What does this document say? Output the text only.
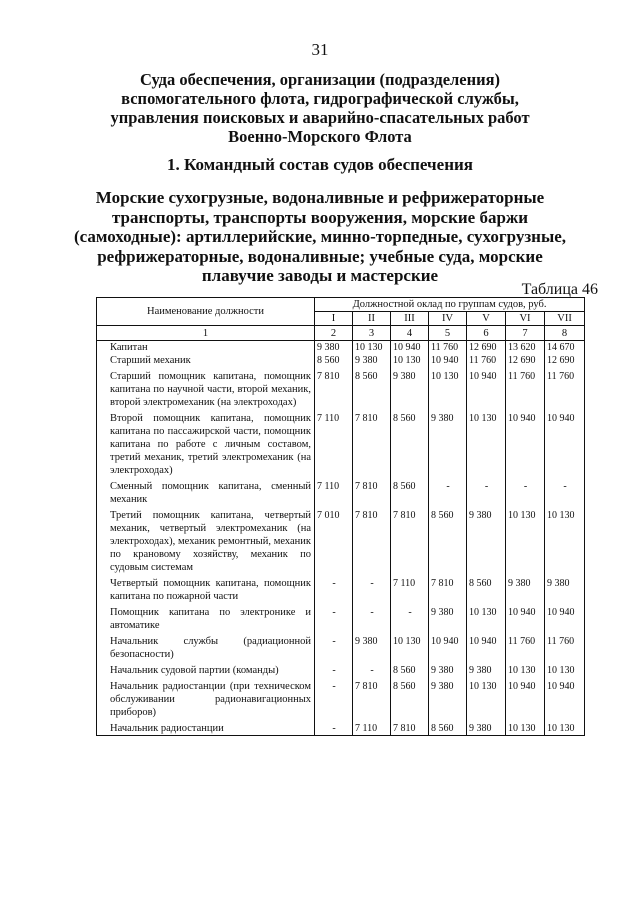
31
Суда обеспечения, организации (подразделения)
вспомогательного флота, гидрографической службы,
управления поисковых и аварийно-спасательных работ
Военно-Морского Флота
1. Командный состав судов обеспечения
Морские сухогрузные, водоналивные и рефрижераторные
транспорты, транспорты вооружения, морские баржи
(самоходные): артиллерийские, минно-торпедные, сухогрузные,
рефрижераторные, водоналивные; учебные суда, морские
плавучие заводы и мастерские
Таблица 46
Наименование должности	Должностной оклад по группам судов, руб.						
	I	II	III	IV	V	VI	VII
1	2	3	4	5	6	7	8

Капитан	9 380	10 130	10 940	11 760	12 690	13 620	14 670

Старший механик	8 560	9 380	10 130	10 940	11 760	12 690	12 690

Старший помощник капитана, помощник капитана по научной части, второй механик, второй электромеханик (на электроходах)	7 810	8 560	9 380	10 130	10 940	11 760	11 760

Второй помощник капитана, помощник капитана по пассажирской части, помощник капитана по работе с личным составом, третий механик, третий электромеханик (на электроходах)	7 110	7 810	8 560	9 380	10 130	10 940	10 940

Сменный помощник капитана, сменный механик	7 110	7 810	8 560	-	-	-	-

Третий помощник капитана, четвертый механик, четвертый электромеханик (на электроходах), механик ремонтный, механик по крановому хозяйству, механик по судовым системам	7 010	7 810	7 810	8 560	9 380	10 130	10 130

Четвертый помощник капитана, помощник капитана по пожарной части	-	-	7 110	7 810	8 560	9 380	9 380

Помощник капитана по электронике и автоматике	-	-	-	9 380	10 130	10 940	10 940

Начальник службы (радиационной безопасности)	-	9 380	10 130	10 940	10 940	11 760	11 760

Начальник судовой партии (команды)	-	-	8 560	9 380	9 380	10 130	10 130

Начальник радиостанции (при техническом обслуживании радионавигационных приборов)	-	7 810	8 560	9 380	10 130	10 940	10 940

Начальник радиостанции	-	7 110	7 810	8 560	9 380	10 130	10 130
